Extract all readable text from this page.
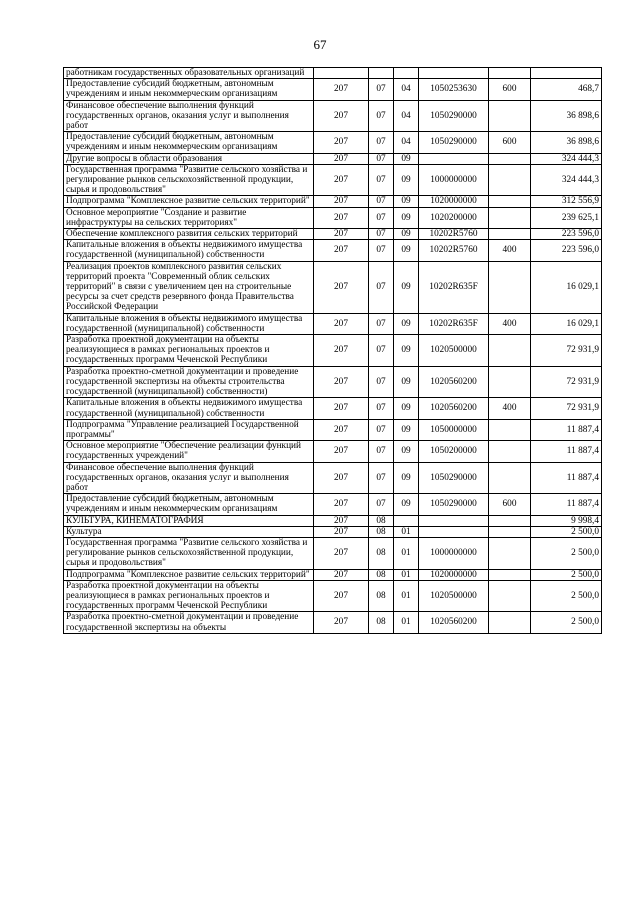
67
работникам государственных образовательных организаций						
Предоставление субсидий бюджетным, автономным учреждениям и иным некоммерческим организациям	207	07	04	1050253630	600	468,7
Финансовое обеспечение выполнения функций государственных органов, оказания услуг и выполнения работ	207	07	04	1050290000		36 898,6
Предоставление субсидий бюджетным, автономным учреждениям и иным некоммерческим организациям	207	07	04	1050290000	600	36 898,6
Другие вопросы в области образования	207	07	09			324 444,3
Государственная программа "Развитие сельского хозяйства и регулирование рынков сельскохозяйственной продукции, сырья и продовольствия"	207	07	09	1000000000		324 444,3
Подпрограмма "Комплексное развитие сельских территорий"	207	07	09	1020000000		312 556,9
Основное мероприятие "Создание и развитие инфраструктуры на сельских территориях"	207	07	09	1020200000		239 625,1
Обеспечение комплексного развития сельских территорий	207	07	09	10202R5760		223 596,0
Капитальные вложения в объекты недвижимого имущества государственной (муниципальной) собственности	207	07	09	10202R5760	400	223 596,0
Реализация проектов комплексного развития сельских территорий проекта "Современный облик сельских территорий" в связи с увеличением цен на строительные ресурсы за счет средств резервного фонда Правительства Российской Федерации	207	07	09	10202R635F		16 029,1
Капитальные вложения в объекты недвижимого имущества государственной (муниципальной) собственности	207	07	09	10202R635F	400	16 029,1
Разработка проектной документации на объекты реализующиеся в рамках региональных проектов и государственных программ Чеченской Республики	207	07	09	1020500000		72 931,9
Разработка проектно-сметной документации и проведение государственной экспертизы на объекты строительства государственной (муниципальной) собственности)	207	07	09	1020560200		72 931,9
Капитальные вложения в объекты недвижимого имущества государственной (муниципальной) собственности	207	07	09	1020560200	400	72 931,9
Подпрограмма "Управление реализацией Государственной программы"	207	07	09	1050000000		11 887,4
Основное мероприятие "Обеспечение реализации функций государственных учреждений"	207	07	09	1050200000		11 887,4
Финансовое обеспечение выполнения функций государственных органов, оказания услуг и выполнения работ	207	07	09	1050290000		11 887,4
Предоставление субсидий бюджетным, автономным учреждениям и иным некоммерческим организациям	207	07	09	1050290000	600	11 887,4
КУЛЬТУРА, КИНЕМАТОГРАФИЯ	207	08				9 998,4
Культура	207	08	01			2 500,0
Государственная программа "Развитие сельского хозяйства и регулирование рынков сельскохозяйственной продукции, сырья и продовольствия"	207	08	01	1000000000		2 500,0
Подпрограмма "Комплексное развитие сельских территорий"	207	08	01	1020000000		2 500,0
Разработка проектной документации на объекты реализующиеся в рамках региональных проектов и государственных программ Чеченской Республики	207	08	01	1020500000		2 500,0
Разработка проектно-сметной документации и проведение государственной экспертизы на объекты	207	08	01	1020560200		2 500,0
